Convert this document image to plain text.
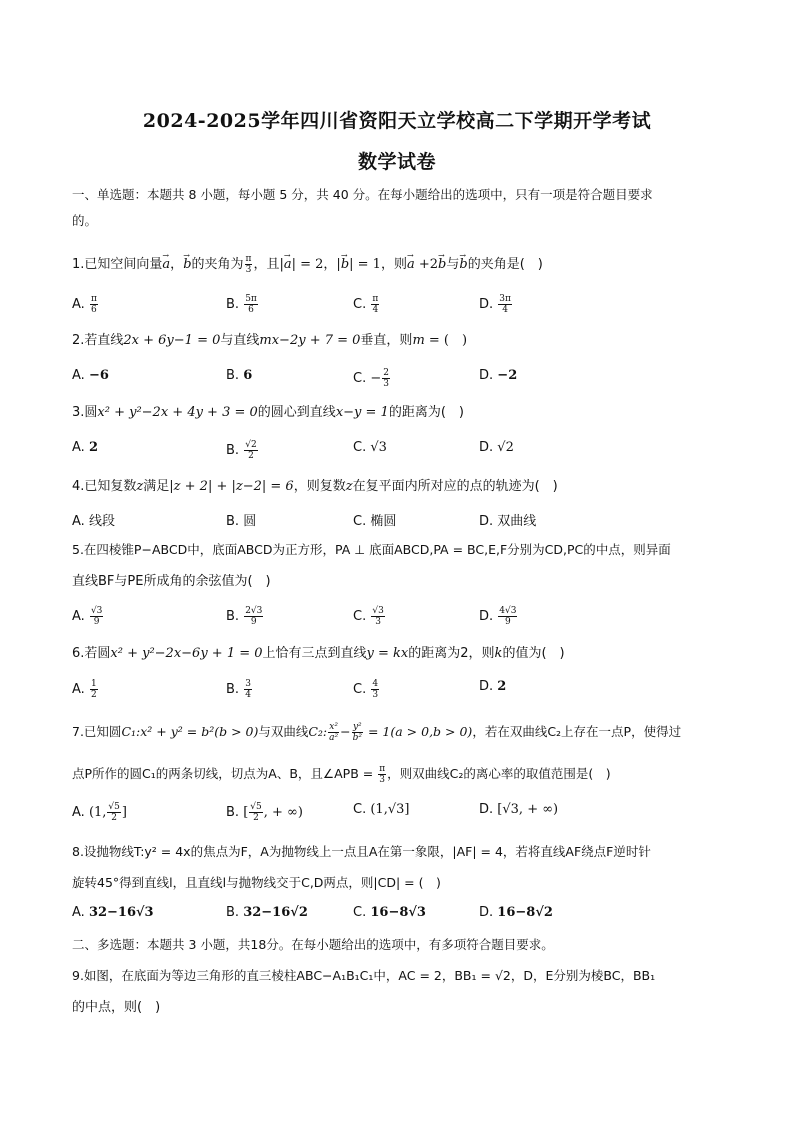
2024-2025学年四川省资阳天立学校高二下学期开学考试
数学试卷
一、单选题：本题共 8 小题，每小题 5 分，共 40 分。在每小题给出的选项中，只有一项是符合题目要求
的。
1.已知空间向量→ a，→ b的夹角为 $\frac{\pi}{3}$ ，且|→ a| = 2，|→ b| = 1，则→ a +2→ b与→ b的夹角是(　)
A. $\frac{\pi}{6}$	B. $\frac{5\pi}{6}$	C. $\frac{\pi}{4}$	D. $\frac{3\pi}{4}$
2.若直线2x + 6y−1 = 0与直线mx−2y + 7 = 0垂直，则m = (　)
A. −6	B. 6	C. − $\frac{2}{3}$	D. −2
3.圆x² + y²−2x + 4y + 3 = 0的圆心到直线x−y = 1的距离为(　)
A. 2	B. $\frac{√2}{2}$	C. √3	D. √2
4.已知复数z满足|z + 2| + |z−2| = 6，则复数z在复平面内所对应的点的轨迹为(　)
A. 线段	B. 圆	C. 椭圆	D. 双曲线
5.在四棱锥P−ABCD中，底面ABCD为正方形，PA ⊥ 底面ABCD,PA = BC,E,F分别为CD,PC的中点，则异面
直线BF与PE所成角的余弦值为(　)
A. $\frac{√3}{9}$	B. $\frac{2√3}{9}$	C. $\frac{√3}{3}$	D. $\frac{4√3}{9}$
6.若圆x² + y²−2x−6y + 1 = 0上恰有三点到直线y = kx的距离为2，则k的值为(　)
A. $\frac{1}{2}$	B. $\frac{3}{4}$	C. $\frac{4}{3}$	D. 2
7.已知圆C₁:x² + y² = b²(b > 0)与双曲线C₂: $\frac{\text{x²}}{\text{a²}} - \frac{\text{y²}}{\text{b²}} = 1(a > 0,b > 0)$，若在双曲线C₂上存在一点P，使得过
点P所作的圆C₁的两条切线，切点为A、B，且∠APB = $\frac{\pi}{3}$ ，则双曲线C₂的离心率的取值范围是(　)
A. (1, $\frac{√5}{2}$ ]	B. [ $\frac{√5}{2}$ , + ∞)	C. (1,√3]	D. [√3, + ∞)
8.设抛物线T:y² = 4x的焦点为F，A为抛物线上一点且A在第一象限，|AF| = 4，若将直线AF绕点F逆时针
旋转45°得到直线l，且直线l与抛物线交于C,D两点，则|CD| = (　)
A. 32−16√3	B. 32−16√2	C. 16−8√3	D. 16−8√2
二、多选题：本题共 3 小题，共18分。在每小题给出的选项中，有多项符合题目要求。
9.如图，在底面为等边三角形的直三棱柱ABC−A₁B₁C₁中，AC = 2，BB₁ = √2，D，E分别为棱BC，BB₁
的中点，则(　)
